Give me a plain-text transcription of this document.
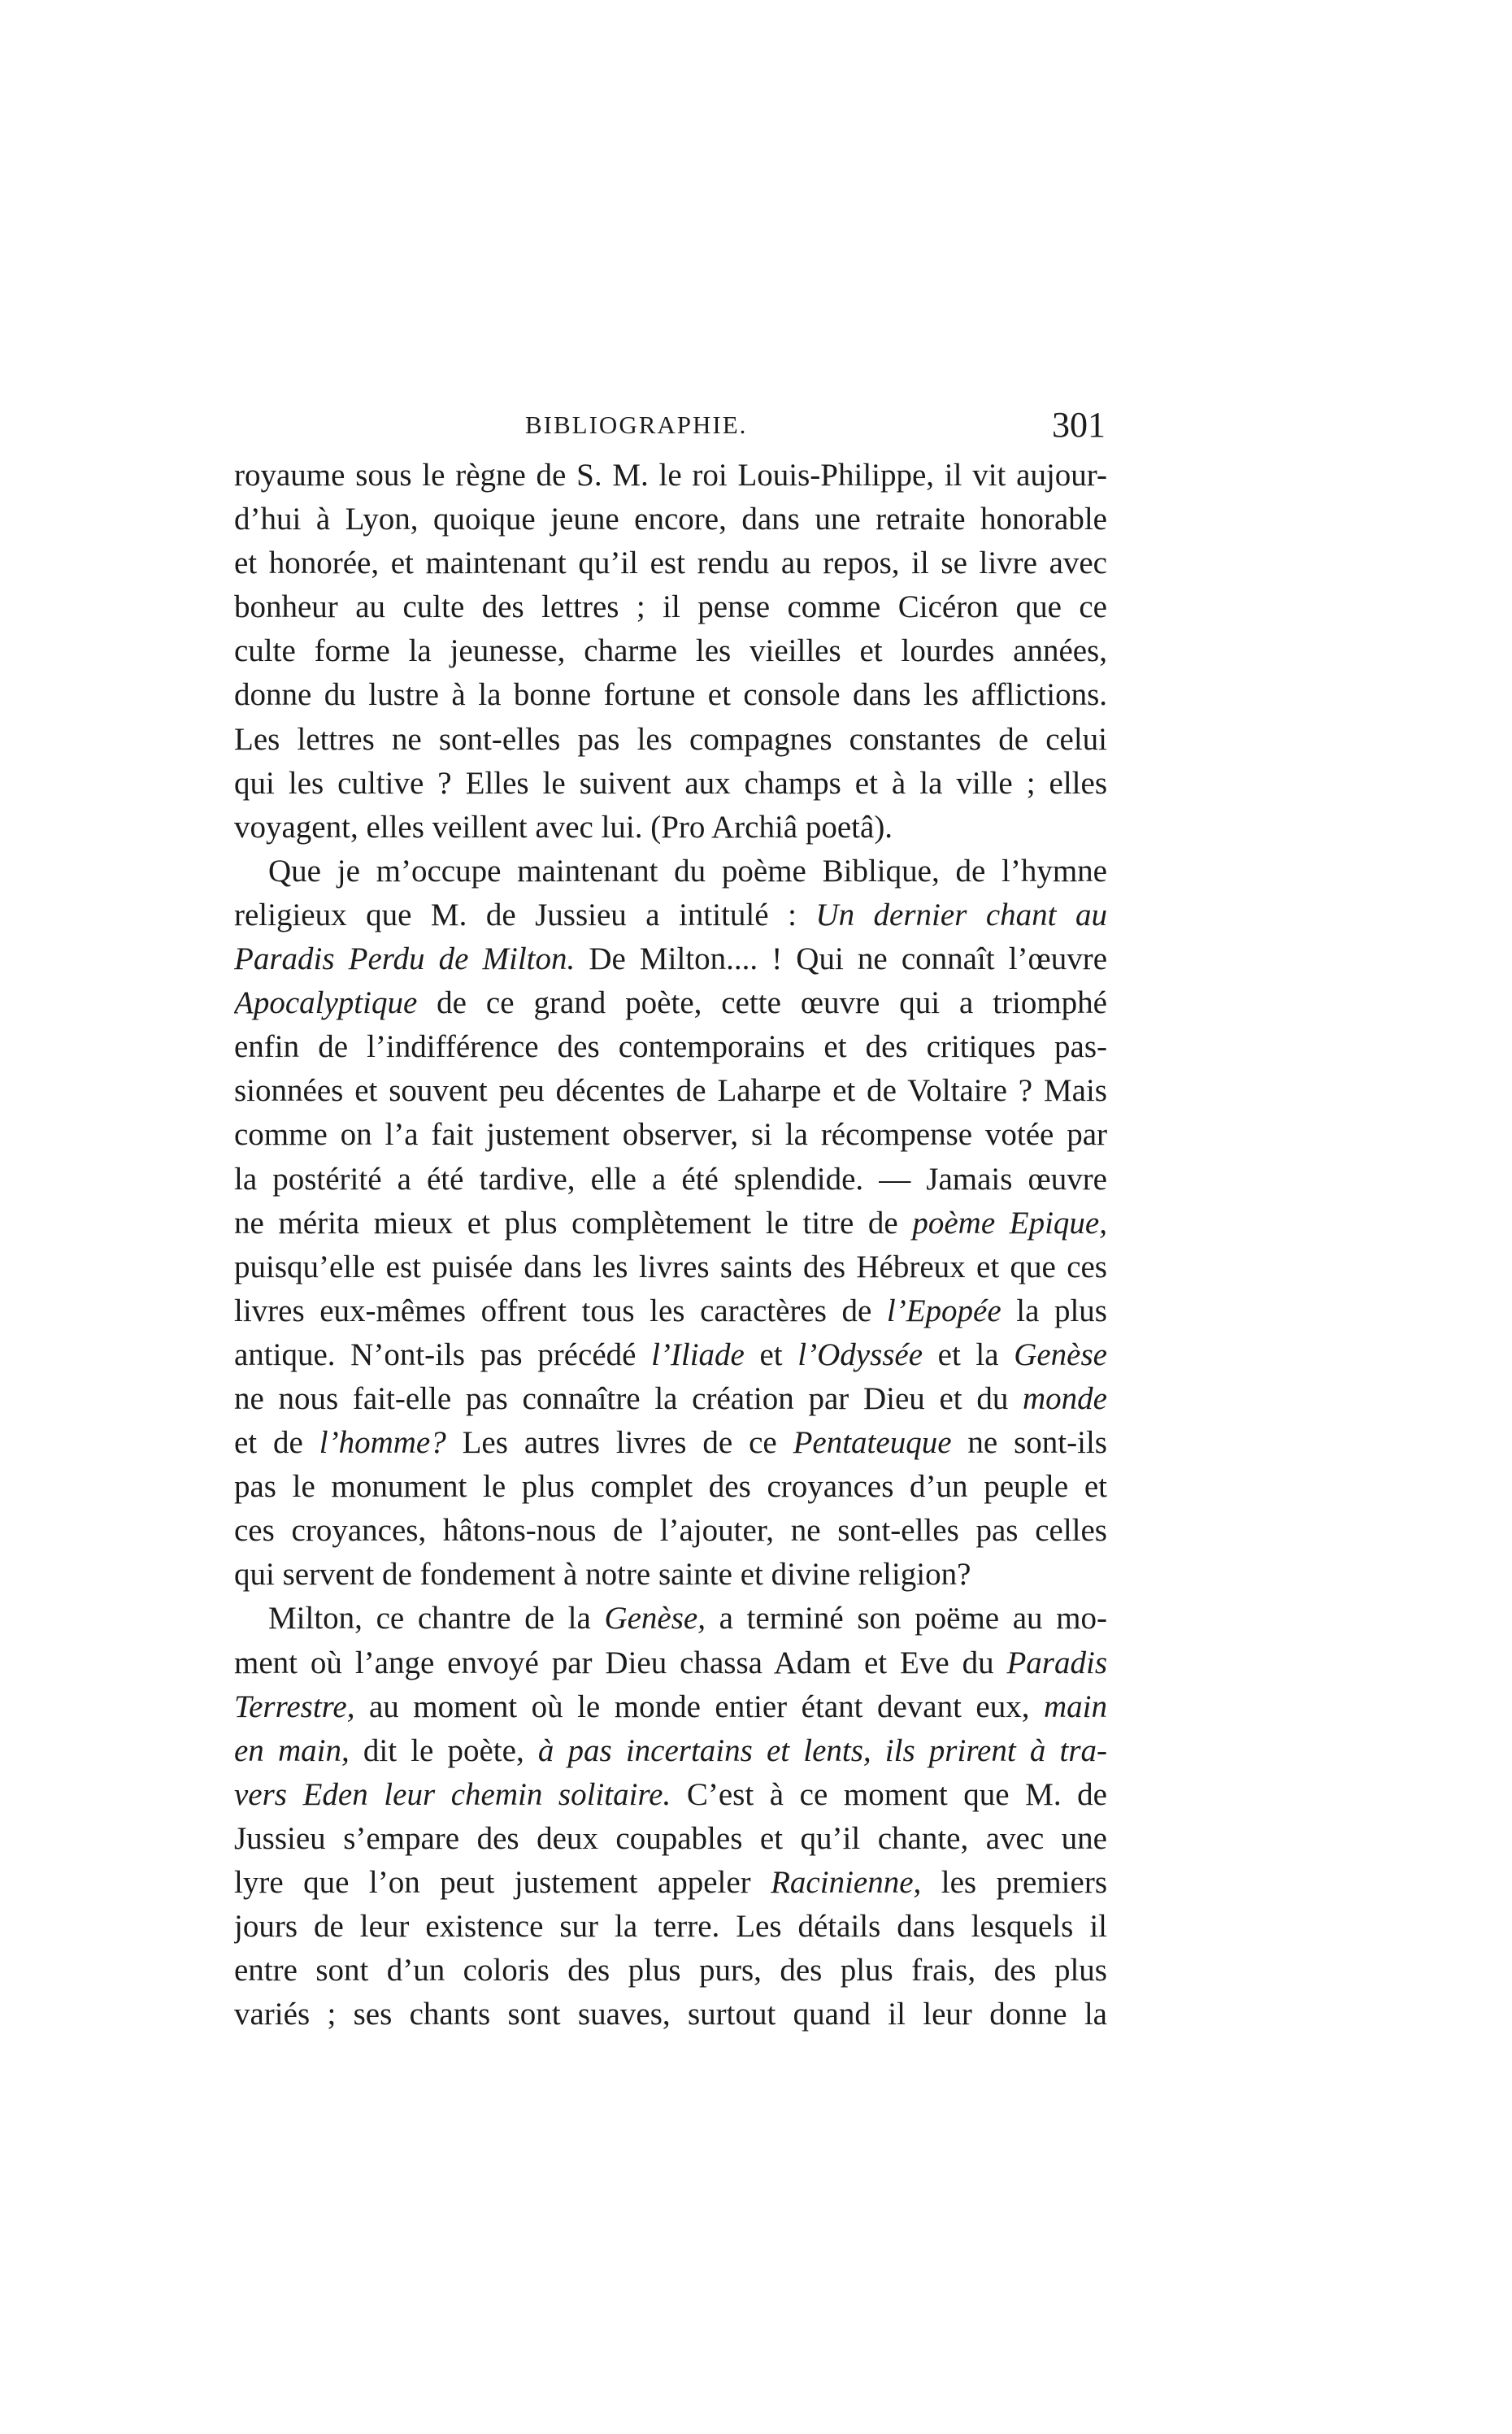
BIBLIOGRAPHIE.	301
royaume sous le règne de S. M. le roi Louis-Philippe, il vit aujour-
d’hui à Lyon, quoique jeune encore, dans une retraite honorable
et honorée, et maintenant qu’il est rendu au repos, il se livre avec
bonheur au culte des lettres ; il pense comme Cicéron que ce
culte forme la jeunesse, charme les vieilles et lourdes années,
donne du lustre à la bonne fortune et console dans les afflictions.
Les lettres ne sont-elles pas les compagnes constantes de celui
qui les cultive ? Elles le suivent aux champs et à la ville ; elles
voyagent, elles veillent avec lui. (Pro Archiâ poetâ).
Que je m’occupe maintenant du poème Biblique, de l’hymne
religieux que M. de Jussieu a intitulé : Un dernier chant au
Paradis Perdu de Milton. De Milton.... ! Qui ne connaît l’œuvre
Apocalyptique de ce grand poète, cette œuvre qui a triomphé
enfin de l’indifférence des contemporains et des critiques pas-
sionnées et souvent peu décentes de Laharpe et de Voltaire ? Mais
comme on l’a fait justement observer, si la récompense votée par
la postérité a été tardive, elle a été splendide. — Jamais œuvre
ne mérita mieux et plus complètement le titre de poème Epique,
puisqu’elle est puisée dans les livres saints des Hébreux et que ces
livres eux-mêmes offrent tous les caractères de l’Epopée la plus
antique. N’ont-ils pas précédé l’Iliade et l’Odyssée et la Genèse
ne nous fait-elle pas connaître la création par Dieu et du monde
et de l’homme? Les autres livres de ce Pentateuque ne sont-ils
pas le monument le plus complet des croyances d’un peuple et
ces croyances, hâtons-nous de l’ajouter, ne sont-elles pas celles
qui servent de fondement à notre sainte et divine religion?
Milton, ce chantre de la Genèse, a terminé son poëme au mo-
ment où l’ange envoyé par Dieu chassa Adam et Eve du Paradis
Terrestre, au moment où le monde entier étant devant eux, main
en main, dit le poète, à pas incertains et lents, ils prirent à tra-
vers Eden leur chemin solitaire. C’est à ce moment que M. de
Jussieu s’empare des deux coupables et qu’il chante, avec une
lyre que l’on peut justement appeler Racinienne, les premiers
jours de leur existence sur la terre. Les détails dans lesquels il
entre sont d’un coloris des plus purs, des plus frais, des plus
variés ; ses chants sont suaves, surtout quand il leur donne la
